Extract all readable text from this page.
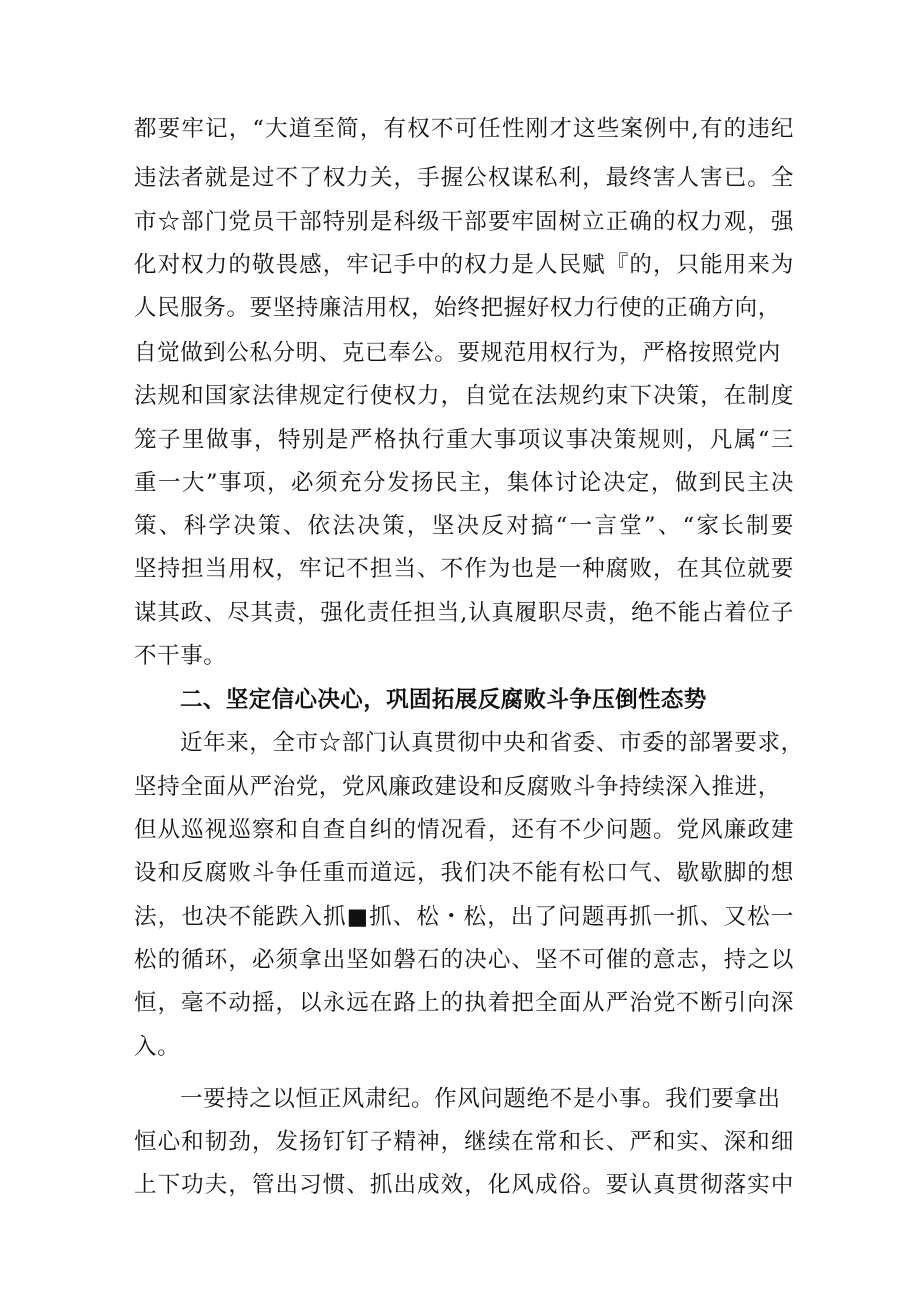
都要牢记，“大道至简，有权不可任性刚才这些案例中,有的违纪
违法者就是过不了权力关，手握公权谋私利，最终害人害已。全
市☆部门党员干部特别是科级干部要牢固树立正确的权力观，强
化对权力的敬畏感，牢记手中的权力是人民赋『的，只能用来为
人民服务。要坚持廉洁用权，始终把握好权力行使的正确方向，
自觉做到公私分明、克已奉公。要规范用权行为，严格按照党内
法规和国家法律规定行使权力，自觉在法规约束下决策，在制度
笼子里做事，特别是严格执行重大事项议事决策规则，凡属“三
重一大”事项，必须充分发扬民主，集体讨论决定，做到民主决
策、科学决策、依法决策，坚决反对搞“一言堂”、“家长制要
坚持担当用权，牢记不担当、不作为也是一种腐败，在其位就要
谋其政、尽其责，强化责任担当,认真履职尽责，绝不能占着位子
不干事。
二、坚定信心决心，巩固拓展反腐败斗争压倒性态势
近年来，全市☆部门认真贯彻中央和省委、市委的部署要求，
坚持全面从严治党，党风廉政建设和反腐败斗争持续深入推进，
但从巡视巡察和自查自纠的情况看，还有不少问题。党风廉政建
设和反腐败斗争任重而道远，我们决不能有松口气、歇歇脚的想
法，也决不能跌入抓■抓、松・松，出了问题再抓一抓、又松一
松的循环，必须拿出坚如磐石的决心、坚不可催的意志，持之以
恒，毫不动摇，以永远在路上的执着把全面从严治党不断引向深
入。
一要持之以恒正风肃纪。作风问题绝不是小事。我们要拿出
恒心和韧劲，发扬钉钉子精神，继续在常和长、严和实、深和细
上下功夫，管出习惯、抓出成效，化风成俗。要认真贯彻落实中
